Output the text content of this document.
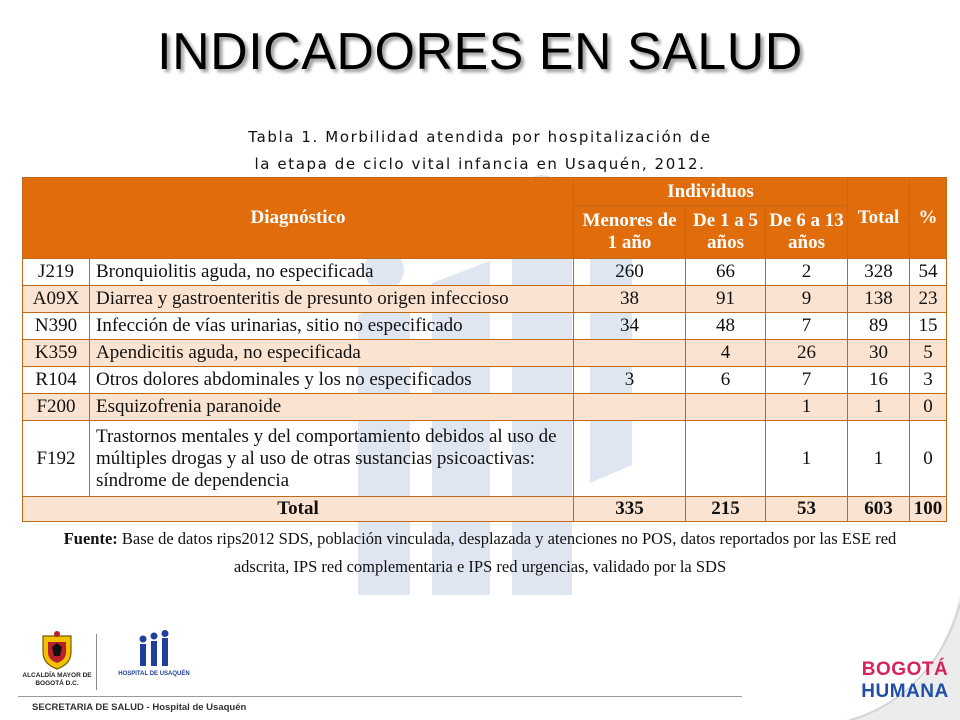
INDICADORES EN SALUD
Tabla 1. Morbilidad atendida por hospitalización de
la etapa de ciclo vital infancia en Usaquén, 2012.
Diagnóstico		Individuos			Total	%
		Menores de 1 año	De 1 a 5 años	De 6 a 13 años		
J219	Bronquiolitis aguda, no especificada	260	66	2	328	54
A09X	Diarrea y gastroenteritis de presunto origen infeccioso	38	91	9	138	23
N390	Infección de vías urinarias, sitio no especificado	34	48	7	89	15
K359	Apendicitis aguda, no especificada		4	26	30	5
R104	Otros dolores abdominales y los no especificados	3	6	7	16	3
F200	Esquizofrenia paranoide			1	1	0
F192	Trastornos mentales y del comportamiento debidos al uso de múltiples drogas y al uso de otras sustancias psicoactivas: síndrome de dependencia			1	1	0
Total		335	215	53	603	100
Fuente: Base de datos rips2012 SDS, población vinculada, desplazada y atenciones no POS, datos reportados por las ESE red
adscrita, IPS red complementaria e IPS red urgencias, validado por la SDS
ALCALDÍA MAYOR DE BOGOTÁ D.C.
HOSPITAL DE USAQUÉN
SECRETARIA DE SALUD - Hospital de Usaquén
BOGOTÁ
HUMANA
